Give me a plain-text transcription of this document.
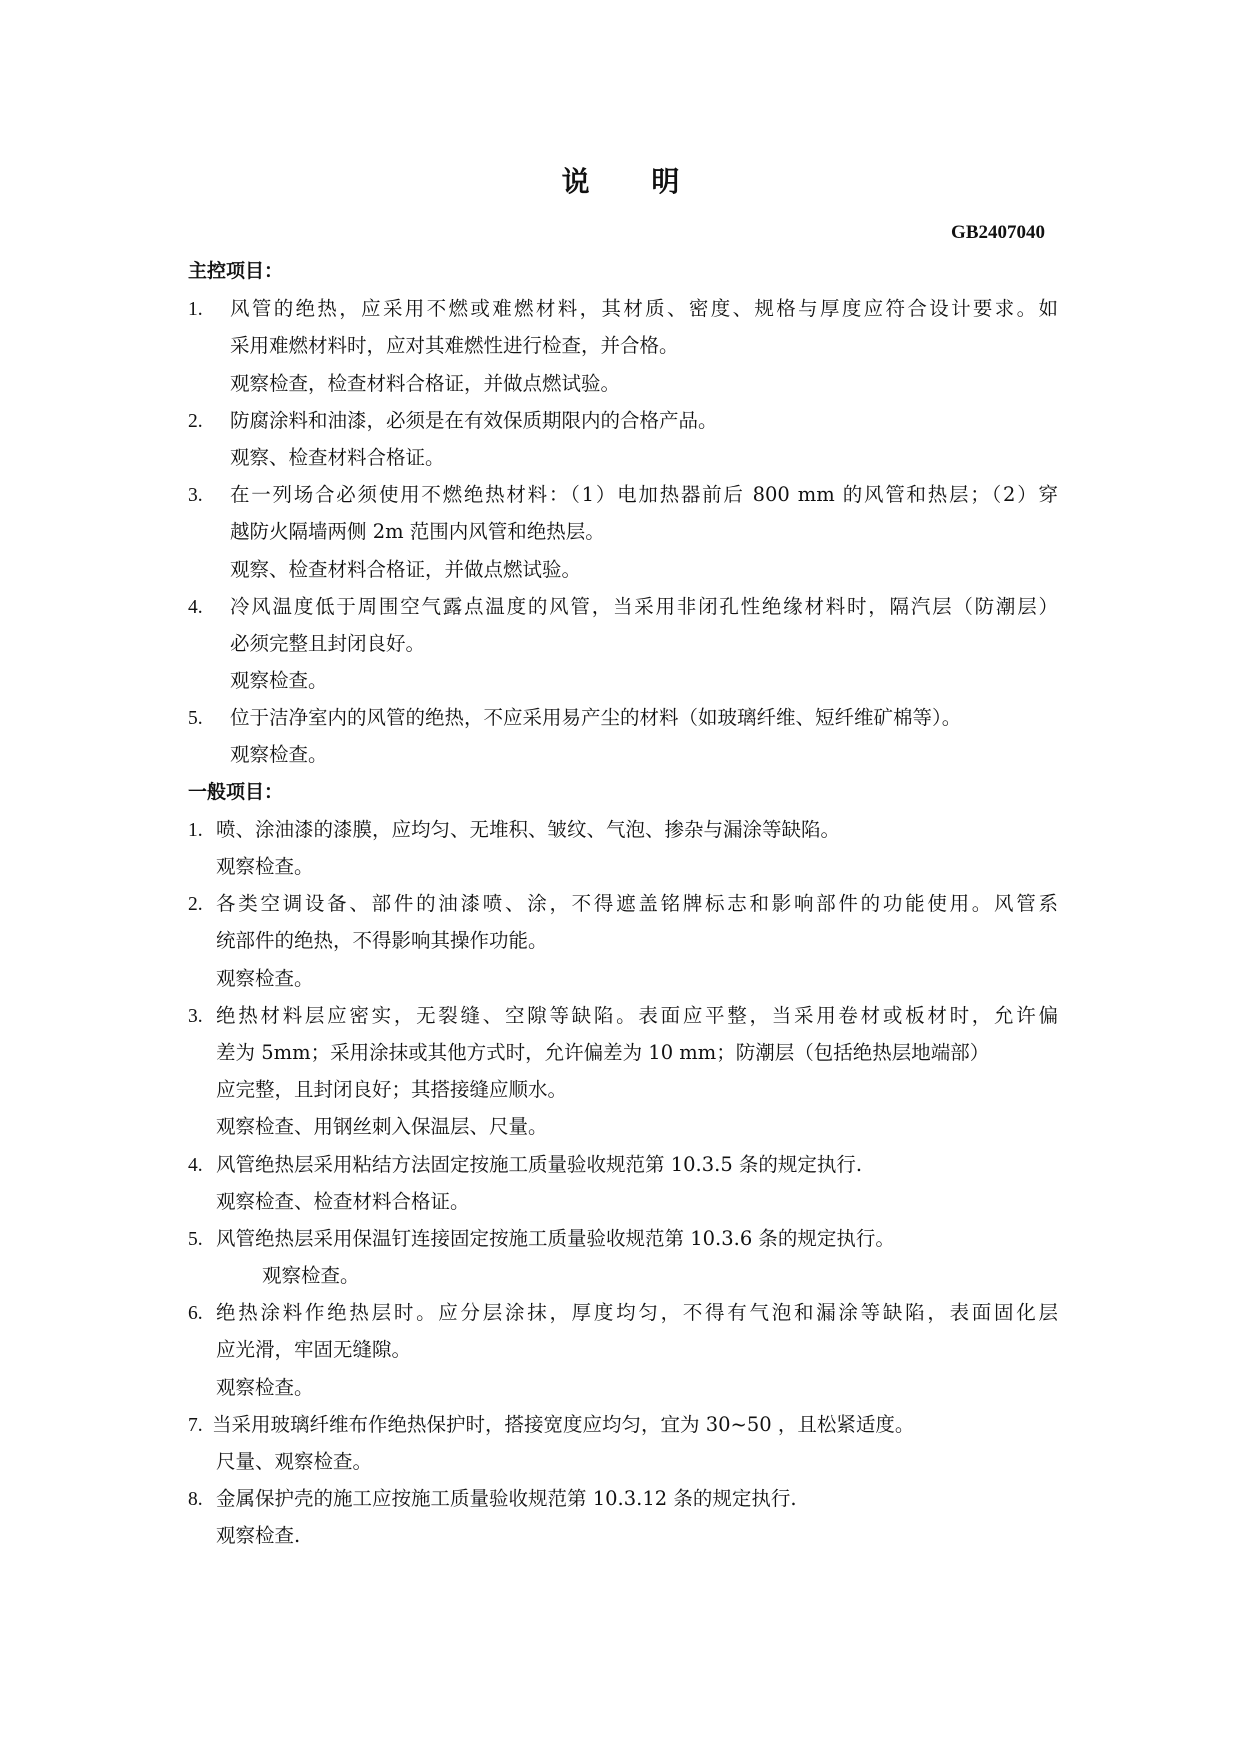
说 明
GB2407040
主控项目：
1. 风管的绝热，应采用不燃或难燃材料，其材质、密度、规格与厚度应符合设计要求。如
采用难燃材料时，应对其难燃性进行检查，并合格。
观察检查，检查材料合格证，并做点燃试验。
2. 防腐涂料和油漆，必须是在有效保质期限内的合格产品。
观察、检查材料合格证。
3. 在一列场合必须使用不燃绝热材料：（1）电加热器前后 800 mm 的风管和热层；（2）穿
越防火隔墙两侧 2m 范围内风管和绝热层。
观察、检查材料合格证，并做点燃试验。
4. 冷风温度低于周围空气露点温度的风管，当采用非闭孔性绝缘材料时，隔汽层（防潮层）
必须完整且封闭良好。
观察检查。
5. 位于洁净室内的风管的绝热，不应采用易产尘的材料（如玻璃纤维、短纤维矿棉等）。
观察检查。
一般项目：
1. 喷、涂油漆的漆膜，应均匀、无堆积、皱纹、气泡、掺杂与漏涂等缺陷。
观察检查。
2. 各类空调设备、部件的油漆喷、涂，不得遮盖铭牌标志和影响部件的功能使用。风管系
统部件的绝热，不得影响其操作功能。
观察检查。
3. 绝热材料层应密实，无裂缝、空隙等缺陷。表面应平整，当采用卷材或板材时，允许偏
差为 5mm；采用涂抹或其他方式时，允许偏差为 10 mm；防潮层（包括绝热层地端部）
应完整，且封闭良好；其搭接缝应顺水。
观察检查、用钢丝刺入保温层、尺量。
4. 风管绝热层采用粘结方法固定按施工质量验收规范第 10.3.5 条的规定执行.
观察检查、检查材料合格证。
5. 风管绝热层采用保温钉连接固定按施工质量验收规范第 10.3.6 条的规定执行。
观察检查。
6. 绝热涂料作绝热层时。应分层涂抹，厚度均匀，不得有气泡和漏涂等缺陷，表面固化层
应光滑，牢固无缝隙。
观察检查。
7. 当采用玻璃纤维布作绝热保护时，搭接宽度应均匀，宜为 30~50 ，且松紧适度。
尺量、观察检查。
8. 金属保护壳的施工应按施工质量验收规范第 10.3.12 条的规定执行.
观察检查.
